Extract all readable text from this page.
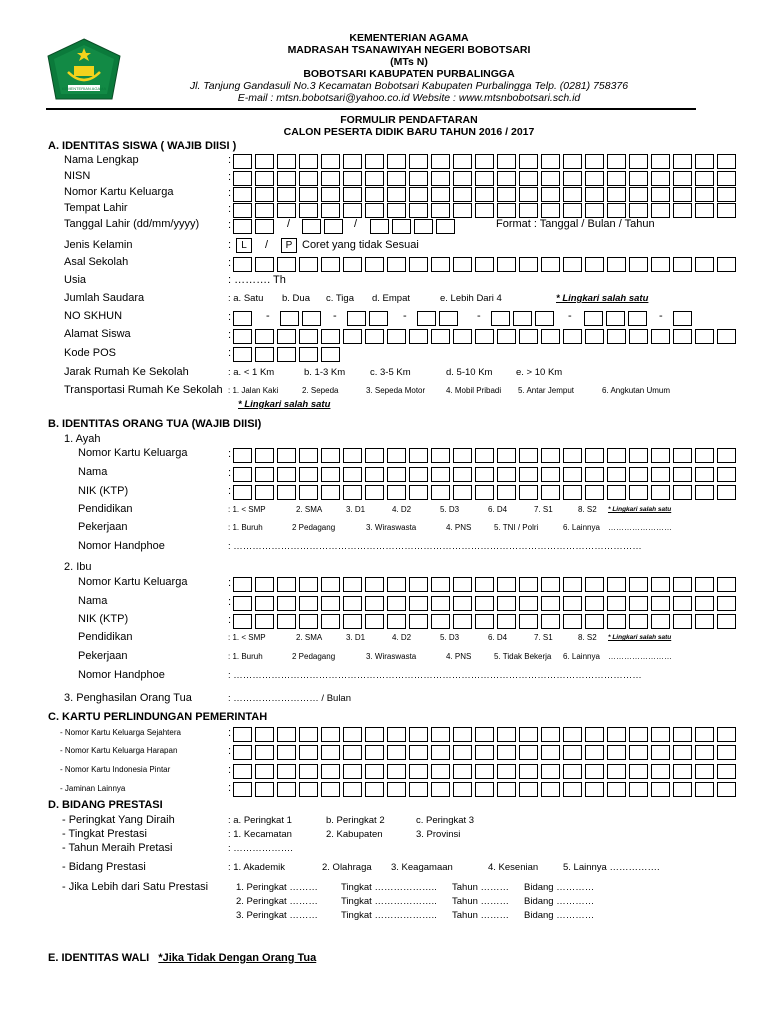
KEMENTERIAN AGAMA
KEMENTERIAN AGAMA
MADRASAH TSANAWIYAH NEGERI BOBOTSARI
(MTs N)
BOBOTSARI KABUPATEN PURBALINGGA
Jl. Tanjung Gandasuli No.3 Kecamatan Bobotsari Kabupaten Purbalingga Telp. (0281) 758376
E-mail : mtsn.bobotsari@yahoo.co.id Website : www.mtsnbobotsari.sch.id
FORMULIR PENDAFTARAN
CALON PESERTA DIDIK BARU TAHUN 2016 / 2017
A. IDENTITAS SISWA ( WAJIB DIISI )
Nama Lengkap	:
NISN	:
Nomor Kartu Keluarga	:
Tempat Lahir	:
Tanggal Lahir (dd/mm/yyyy)	:	/	/	Format : Tanggal / Bulan / Tahun
Jenis Kelamin	:	L	/	P Coret yang tidak Sesuai
Asal Sekolah	:
Usia	: ………. Th
Jumlah Saudara	: a. Satu b. Dua c. Tiga d. Empat	e. Lebih Dari 4	* Lingkari salah satu
NO SKHUN	:	-	-	-	-	-	-
Alamat Siswa	:
Kode POS	:
Jarak Rumah Ke Sekolah	: a. < 1 Km	b. 1-3 Km	c. 3-5 Km	d. 5-10 Km e. > 10 Km
Transportasi Rumah Ke Sekolah : 1. Jalan Kaki	2. Sepeda	3. Sepeda Motor	4. Mobil Pribadi 5. Antar Jemput	6. Angkutan Umum
* Lingkari salah satu
B. IDENTITAS ORANG TUA (WAJIB DIISI)
1. Ayah
Nomor Kartu Keluarga	:
Nama	:
NIK (KTP)	:
Pendidikan	: 1. < SMP	2. SMA	3. D1	4. D2	5. D3	6. D4	7. S1	8. S2 * Lingkari salah satu
Pekerjaan	: 1. Buruh	2 Pedagang	3. Wiraswasta	4. PNS	5. TNI / Polri	6. Lainnya ……………………
Nomor Handphoe	: …………………………………………………………………………………………………………………
2. Ibu
Nomor Kartu Keluarga	:
Nama	:
NIK (KTP)	:
Pendidikan	: 1. < SMP	2. SMA	3. D1	4. D2	5. D3	6. D4	7. S1	8. S2 * Lingkari salah satu
Pekerjaan	: 1. Buruh	2 Pedagang	3. Wiraswasta	4. PNS	5. Tidak Bekerja 6. Lainnya ……………………
Nomor Handphoe	: …………………………………………………………………………………………………………………
3. Penghasilan Orang Tua	: ……………………… / Bulan
C. KARTU PERLINDUNGAN PEMERINTAH
- Nomor Kartu Keluarga Sejahtera	:
- Nomor Kartu Keluarga Harapan	:
- Nomor Kartu Indonesia Pintar	:
- Jaminan Lainnya	:
D. BIDANG PRESTASI
- Peringkat Yang Diraih	: a. Peringkat 1	b. Peringkat 2	c. Peringkat 3
- Tingkat Prestasi	: 1. Kecamatan	2. Kabupaten	3. Provinsi
- Tahun Meraih Pretasi	: ……………….
- Bidang Prestasi	: 1. Akademik	2. Olahraga 3. Keagamaan	4. Kesenian	5. Lainnya …………….
- Jika Lebih dari Satu Prestasi	1. Peringkat ……… Tingkat ……………….. Tahun ……… Bidang …………
2. Peringkat ……… Tingkat ……………….. Tahun ……… Bidang …………
3. Peringkat ……… Tingkat ……………….. Tahun ……… Bidang …………
E. IDENTITAS WALI *Jika Tidak Dengan Orang Tua
